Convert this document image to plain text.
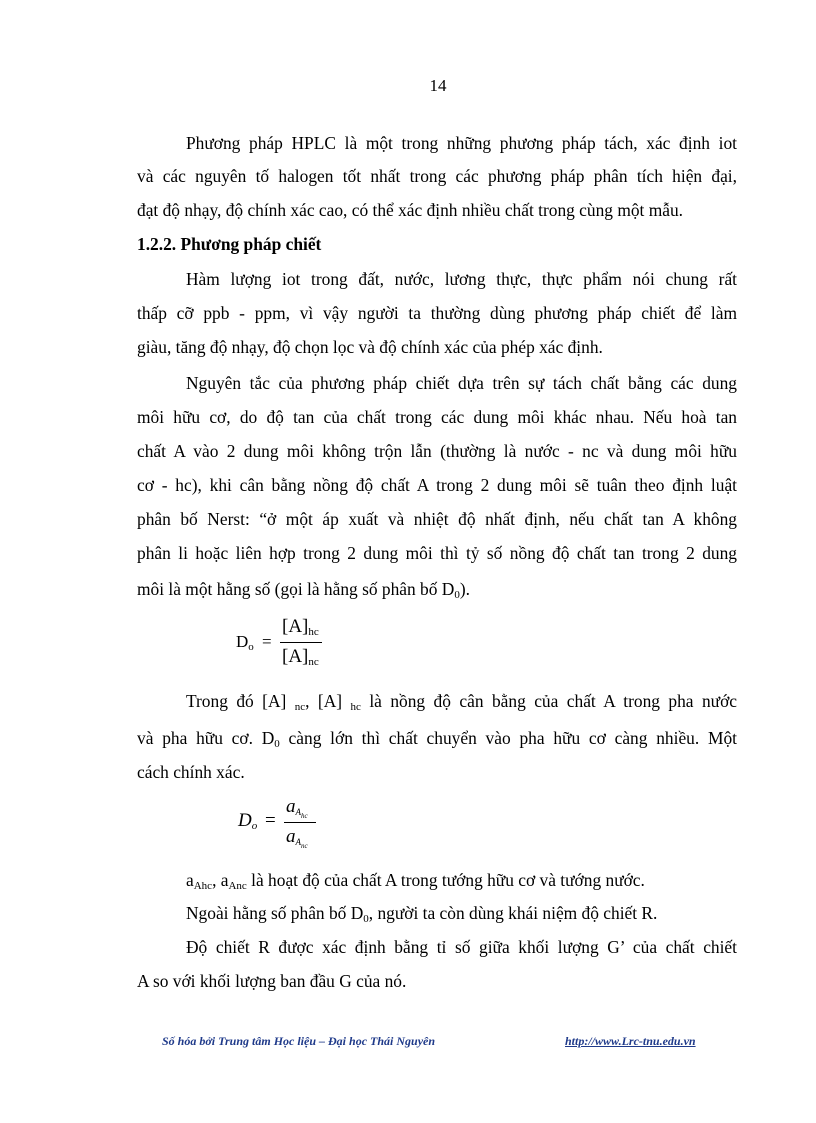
14
Phương pháp HPLC là một trong những phương pháp tách, xác định iot
và các nguyên tố halogen tốt nhất trong các phương pháp phân tích hiện đại,
đạt độ nhạy, độ chính xác cao, có thể xác định nhiều chất trong cùng một mẫu.
1.2.2. Phương pháp chiết
Hàm lượng iot trong đất, nước, lương thực, thực phẩm nói chung rất
thấp cỡ ppb - ppm, vì vậy người ta thường dùng phương pháp chiết để làm
giàu, tăng độ nhạy, độ chọn lọc và độ chính xác của phép xác định.
Nguyên tắc của phương pháp chiết dựa trên sự tách chất bằng các dung
môi hữu cơ, do độ tan của chất trong các dung môi khác nhau. Nếu hoà tan
chất A vào 2 dung môi không trộn lẫn (thường là nước - nc và dung môi hữu
cơ - hc), khi cân bằng nồng độ chất A trong 2 dung môi sẽ tuân theo định luật
phân bố Nerst: “ở một áp xuất và nhiệt độ nhất định, nếu chất tan A không
phân li hoặc liên hợp trong 2 dung môi thì tỷ số nồng độ chất tan trong 2 dung
môi là một hằng số (gọi là hằng số phân bố $D_0$).
$D_o$ =
$[A]_{hc}$
$[A]_{nc}$
Trong đó [A] $_{nc}$, [A] $_{hc}$ là nồng độ cân bằng của chất A trong pha nước
và pha hữu cơ. $D_0$ càng lớn thì chất chuyển vào pha hữu cơ càng nhiều. Một
cách chính xác.
$D_o$ =
$a_{Ahc}$
$a_{Anc}$
$a_{Ahc}$, $a_{Anc}$ là hoạt độ của chất A trong tướng hữu cơ và tướng nước.
Ngoài hằng số phân bố $D_0$, người ta còn dùng khái niệm độ chiết R.
Độ chiết R được xác định bằng tỉ số giữa khối lượng G’ của chất chiết
A so với khối lượng ban đầu G của nó.
Số hóa bởi Trung tâm Học liệu – Đại học Thái Nguyên	http://www.Lrc-tnu.edu.vn
